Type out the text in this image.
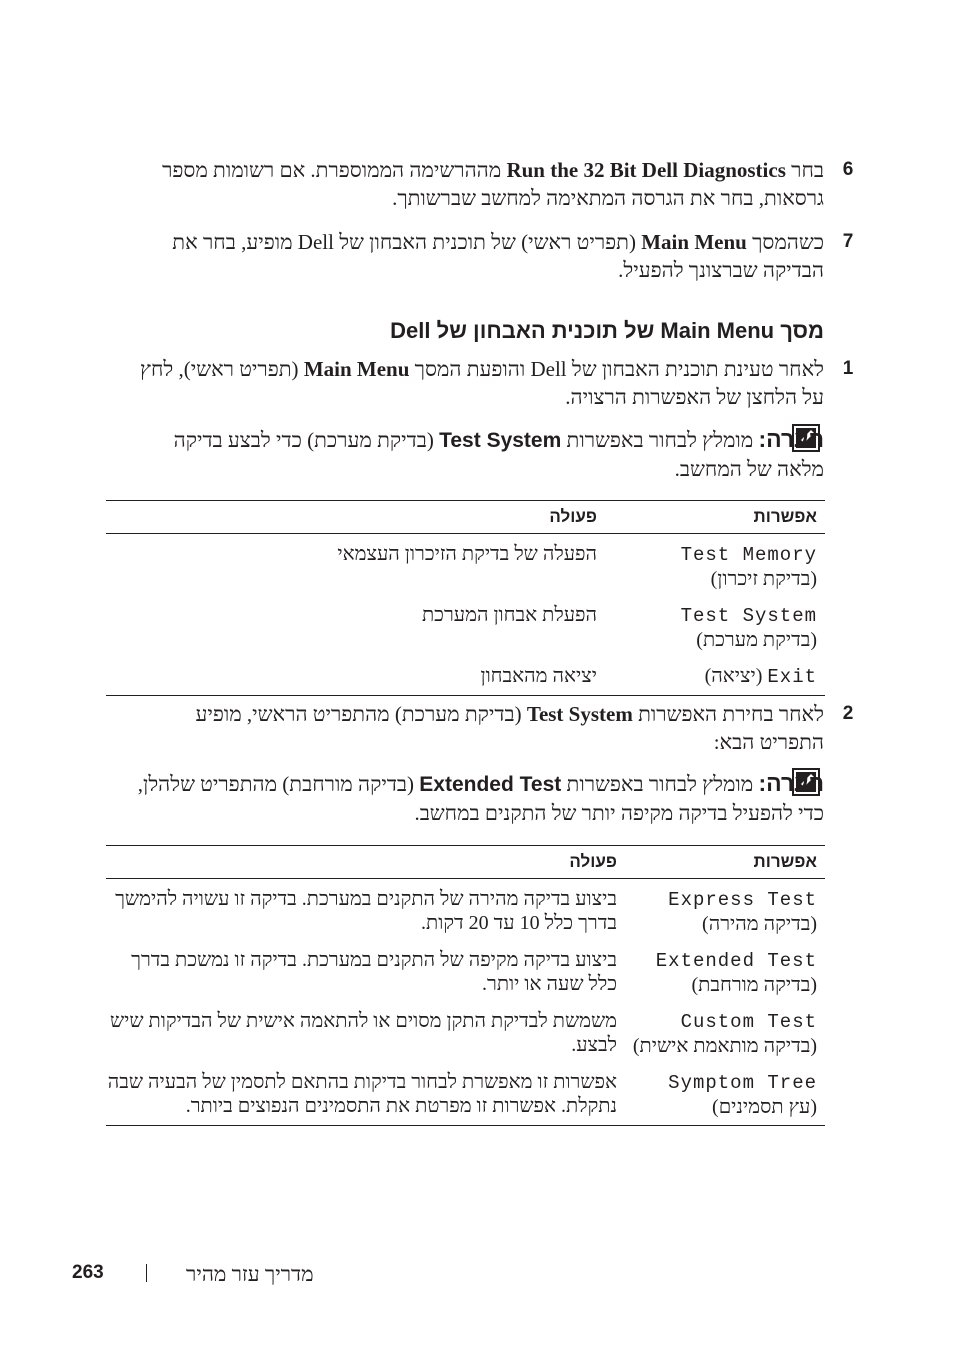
6
בחר Run the 32 Bit Dell Diagnostics מההרשימה הממוספרת. אם רשומות מספר גרסאות, בחר את הגרסה המתאימה למחשב שברשותך.
7
כשהמסך Main Menu (תפריט ראשי) של תוכנית האבחון של Dell מופיע, בחר את הבדיקה שברצונך להפעיל.
מסך Main Menu של תוכנית האבחון של Dell
1
לאחר טעינת תוכנית האבחון של Dell והופעת המסך Main Menu (תפריט ראשי), לחץ על הלחצן של האפשרות הרצויה.
הערה: מומלץ לבחור באפשרות Test System (בדיקת מערכת) כדי לבצע בדיקה מלאה של המחשב.
אפשרות	פעולה
Test Memory
(בדיקת זיכרון)	הפעלה של בדיקת הזיכרון העצמאי
Test System
(בדיקת מערכת)	הפעלת אבחון המערכת
Exit (יציאה)	יציאה מהאבחון
2
לאחר בחירת האפשרות Test System (בדיקת מערכת) מהתפריט הראשי, מופיע התפריט הבא:
הערה: מומלץ לבחור באפשרות Extended Test (בדיקה מורחבת) מהתפריט שלהלן, כדי להפעיל בדיקה מקיפה יותר של התקנים במחשב.
אפשרות	פעולה
Express Test
(בדיקה מהירה)	ביצוע בדיקה מהירה של התקנים במערכת. בדיקה זו עשויה להימשך בדרך כלל 10 עד 20 דקות.
Extended Test
(בדיקה מורחבת)	ביצוע בדיקה מקיפה של התקנים במערכת. בדיקה זו נמשכת בדרך כלל שעה או יותר.
Custom Test
(בדיקה מותאמת אישית)	משמשת לבדיקת התקן מסוים או להתאמה אישית של הבדיקות שיש לבצע.
Symptom Tree
(עץ תסמינים)	אפשרות זו מאפשרת לבחור בדיקות בהתאם לתסמין של הבעיה שבה נתקלת. אפשרות זו מפרטת את התסמינים הנפוצים ביותר.
263	מדריך עזר מהיר
